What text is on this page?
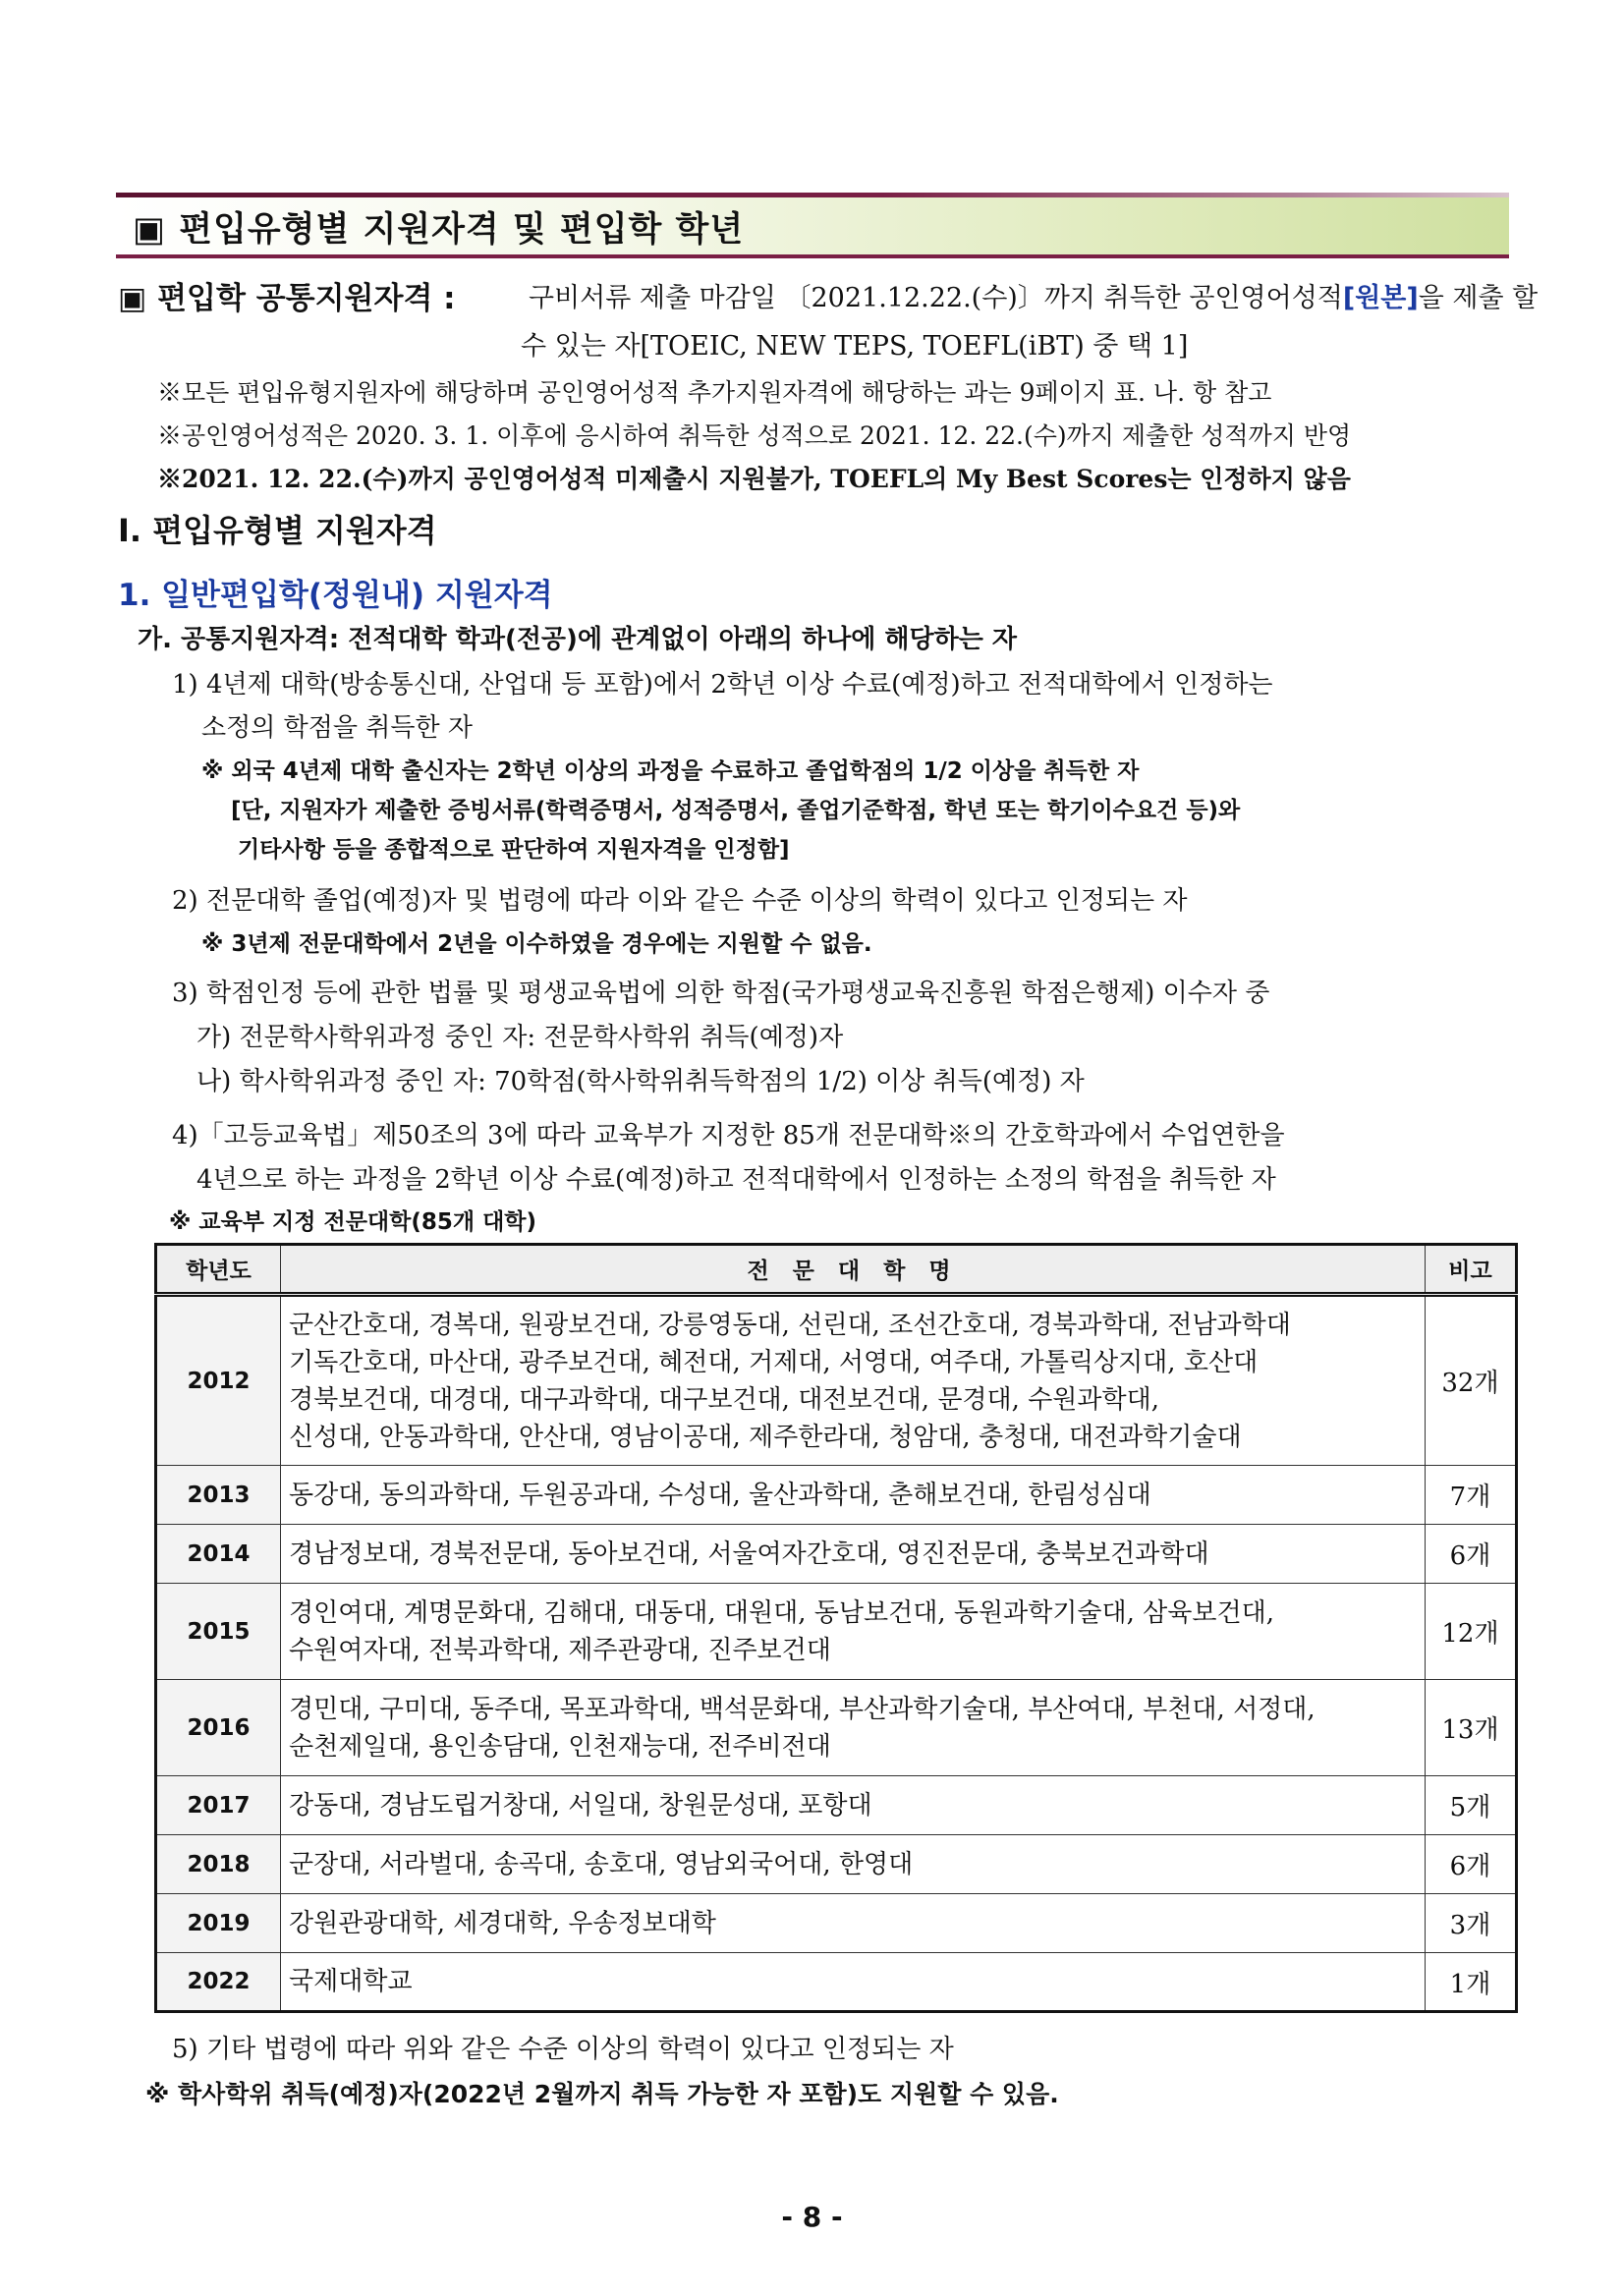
▣ 편입유형별 지원자격 및 편입학 학년
▣ 편입학 공통지원자격 :	구비서류 제출 마감일 〔2021.12.22.(수)〕까지 취득한 공인영어성적[원본]을 제출 할
수 있는 자[TOEIC, NEW TEPS, TOEFL(iBT) 중 택 1]
※모든 편입유형지원자에 해당하며 공인영어성적 추가지원자격에 해당하는 과는 9페이지 표. 나. 항 참고
※공인영어성적은 2020. 3. 1. 이후에 응시하여 취득한 성적으로 2021. 12. 22.(수)까지 제출한 성적까지 반영
※2021. 12. 22.(수)까지 공인영어성적 미제출시 지원불가, TOEFL의 My Best Scores는 인정하지 않음
Ⅰ. 편입유형별 지원자격
1. 일반편입학(정원내) 지원자격
가. 공통지원자격: 전적대학 학과(전공)에 관계없이 아래의 하나에 해당하는 자
1) 4년제 대학(방송통신대, 산업대 등 포함)에서 2학년 이상 수료(예정)하고 전적대학에서 인정하는
소정의 학점을 취득한 자
※ 외국 4년제 대학 출신자는 2학년 이상의 과정을 수료하고 졸업학점의 1/2 이상을 취득한 자
[단, 지원자가 제출한 증빙서류(학력증명서, 성적증명서, 졸업기준학점, 학년 또는 학기이수요건 등)와
기타사항 등을 종합적으로 판단하여 지원자격을 인정함]
2) 전문대학 졸업(예정)자 및 법령에 따라 이와 같은 수준 이상의 학력이 있다고 인정되는 자
※ 3년제 전문대학에서 2년을 이수하였을 경우에는 지원할 수 없음.
3) 학점인정 등에 관한 법률 및 평생교육법에 의한 학점(국가평생교육진흥원 학점은행제) 이수자 중
가) 전문학사학위과정 중인 자: 전문학사학위 취득(예정)자
나) 학사학위과정 중인 자: 70학점(학사학위취득학점의 1/2) 이상 취득(예정) 자
4)「고등교육법」제50조의 3에 따라 교육부가 지정한 85개 전문대학※의 간호학과에서 수업연한을
4년으로 하는 과정을 2학년 이상 수료(예정)하고 전적대학에서 인정하는 소정의 학점을 취득한 자
※ 교육부 지정 전문대학(85개 대학)
학년도	전 문 대 학 명	비고
2012	군산간호대, 경복대, 원광보건대, 강릉영동대, 선린대, 조선간호대, 경북과학대, 전남과학대
기독간호대, 마산대, 광주보건대, 혜전대, 거제대, 서영대, 여주대, 가톨릭상지대, 호산대
경북보건대, 대경대, 대구과학대, 대구보건대, 대전보건대, 문경대, 수원과학대,
신성대, 안동과학대, 안산대, 영남이공대, 제주한라대, 청암대, 충청대, 대전과학기술대	32개
2013	동강대, 동의과학대, 두원공과대, 수성대, 울산과학대, 춘해보건대, 한림성심대	7개
2014	경남정보대, 경북전문대, 동아보건대, 서울여자간호대, 영진전문대, 충북보건과학대	6개
2015	경인여대, 계명문화대, 김해대, 대동대, 대원대, 동남보건대, 동원과학기술대, 삼육보건대,
수원여자대, 전북과학대, 제주관광대, 진주보건대	12개
2016	경민대, 구미대, 동주대, 목포과학대, 백석문화대, 부산과학기술대, 부산여대, 부천대, 서정대,
순천제일대, 용인송담대, 인천재능대, 전주비전대	13개
2017	강동대, 경남도립거창대, 서일대, 창원문성대, 포항대	5개
2018	군장대, 서라벌대, 송곡대, 송호대, 영남외국어대, 한영대	6개
2019	강원관광대학, 세경대학, 우송정보대학	3개
2022	국제대학교	1개
5) 기타 법령에 따라 위와 같은 수준 이상의 학력이 있다고 인정되는 자
※ 학사학위 취득(예정)자(2022년 2월까지 취득 가능한 자 포함)도 지원할 수 있음.
- 8 -
